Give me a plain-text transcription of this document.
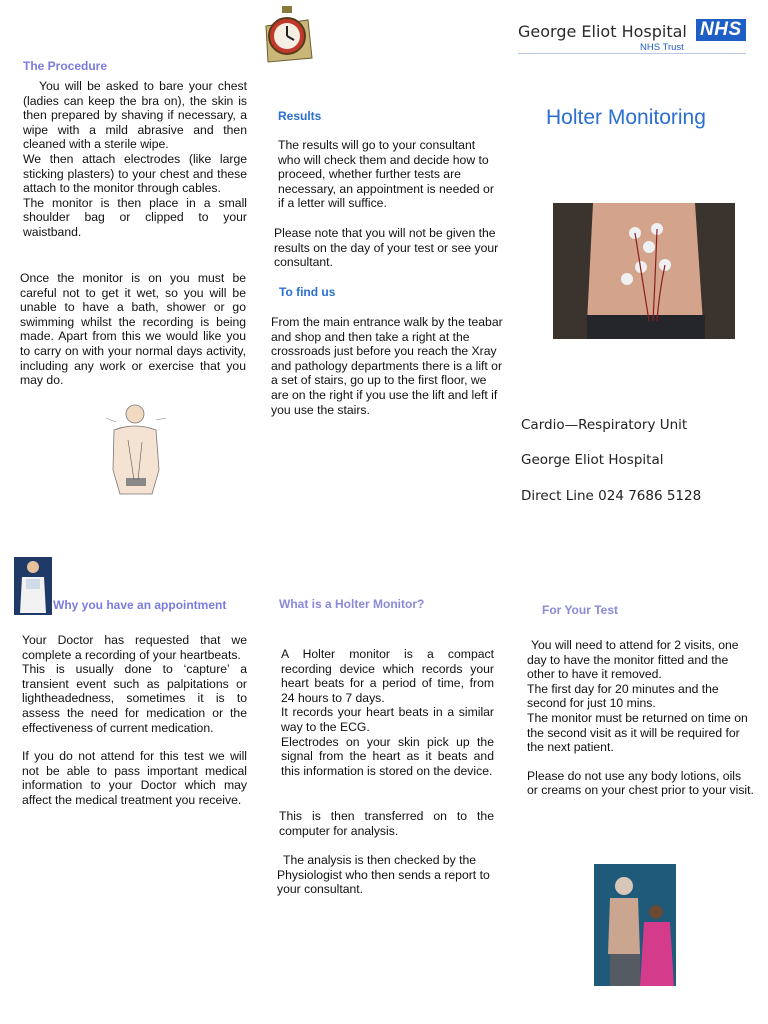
George Eliot Hospital NHS
NHS Trust
The Procedure

You will be asked to bare your chest (ladies can keep the bra on), the skin is then prepared by shaving if necessary, a wipe with a mild abrasive and then cleaned with a sterile wipe.

We then attach electrodes (like large sticking plasters) to your chest and these attach to the monitor through cables.

The monitor is then place in a small shoulder bag or clipped to your waistband.

Once the monitor is on you must be careful not to get it wet, so you will be unable to have a bath, shower or go swimming whilst the recording is being made. Apart from this we would like you to carry on with your normal days activity, including any work or exercise that you may do.

Results
The results will go to your consultant who will check them and decide how to proceed, whether further tests are necessary, an appointment is needed or if a letter will suffice.
Please note that you will not be given the results on the day of your test or see your consultant.
To find us
From the main entrance walk by the teabar and shop and then take a right at the crossroads just before you reach the Xray and pathology departments there is a lift or a set of stairs, go up to the first floor, we are on the right if you use the lift and left if you use the stairs.
Holter Monitoring
Cardio—Respiratory Unit
George Eliot Hospital
Direct Line 024 7686 5128
Why you have an appointment

Your Doctor has requested that we complete a recording of your heartbeats.

This is usually done to ‘capture’ a transient event such as palpitations or lightheadedness, sometimes it is to assess the need for medication or the effectiveness of current medication.

If you do not attend for this test we will not be able to pass important medical information to your Doctor which may affect the medical treatment you receive.

What is a Holter Monitor?

A Holter monitor is a compact recording device which records your heart beats for a period of time, from 24 hours to 7 days.

It records your heart beats in a similar way to the ECG.

Electrodes on your skin pick up the signal from the heart as it beats and this information is stored on the device.

This is then transferred on to the computer for analysis.
The analysis is then checked by the Physiologist who then sends a report to your consultant.
For Your Test

You will need to attend for 2 visits, one day to have the monitor fitted and the other to have it removed.

The first day for 20 minutes and the second for just 10 mins.

The monitor must be returned on time on the second visit as it will be required for the next patient.

Please do not use any body lotions, oils or creams on your chest prior to your visit.
